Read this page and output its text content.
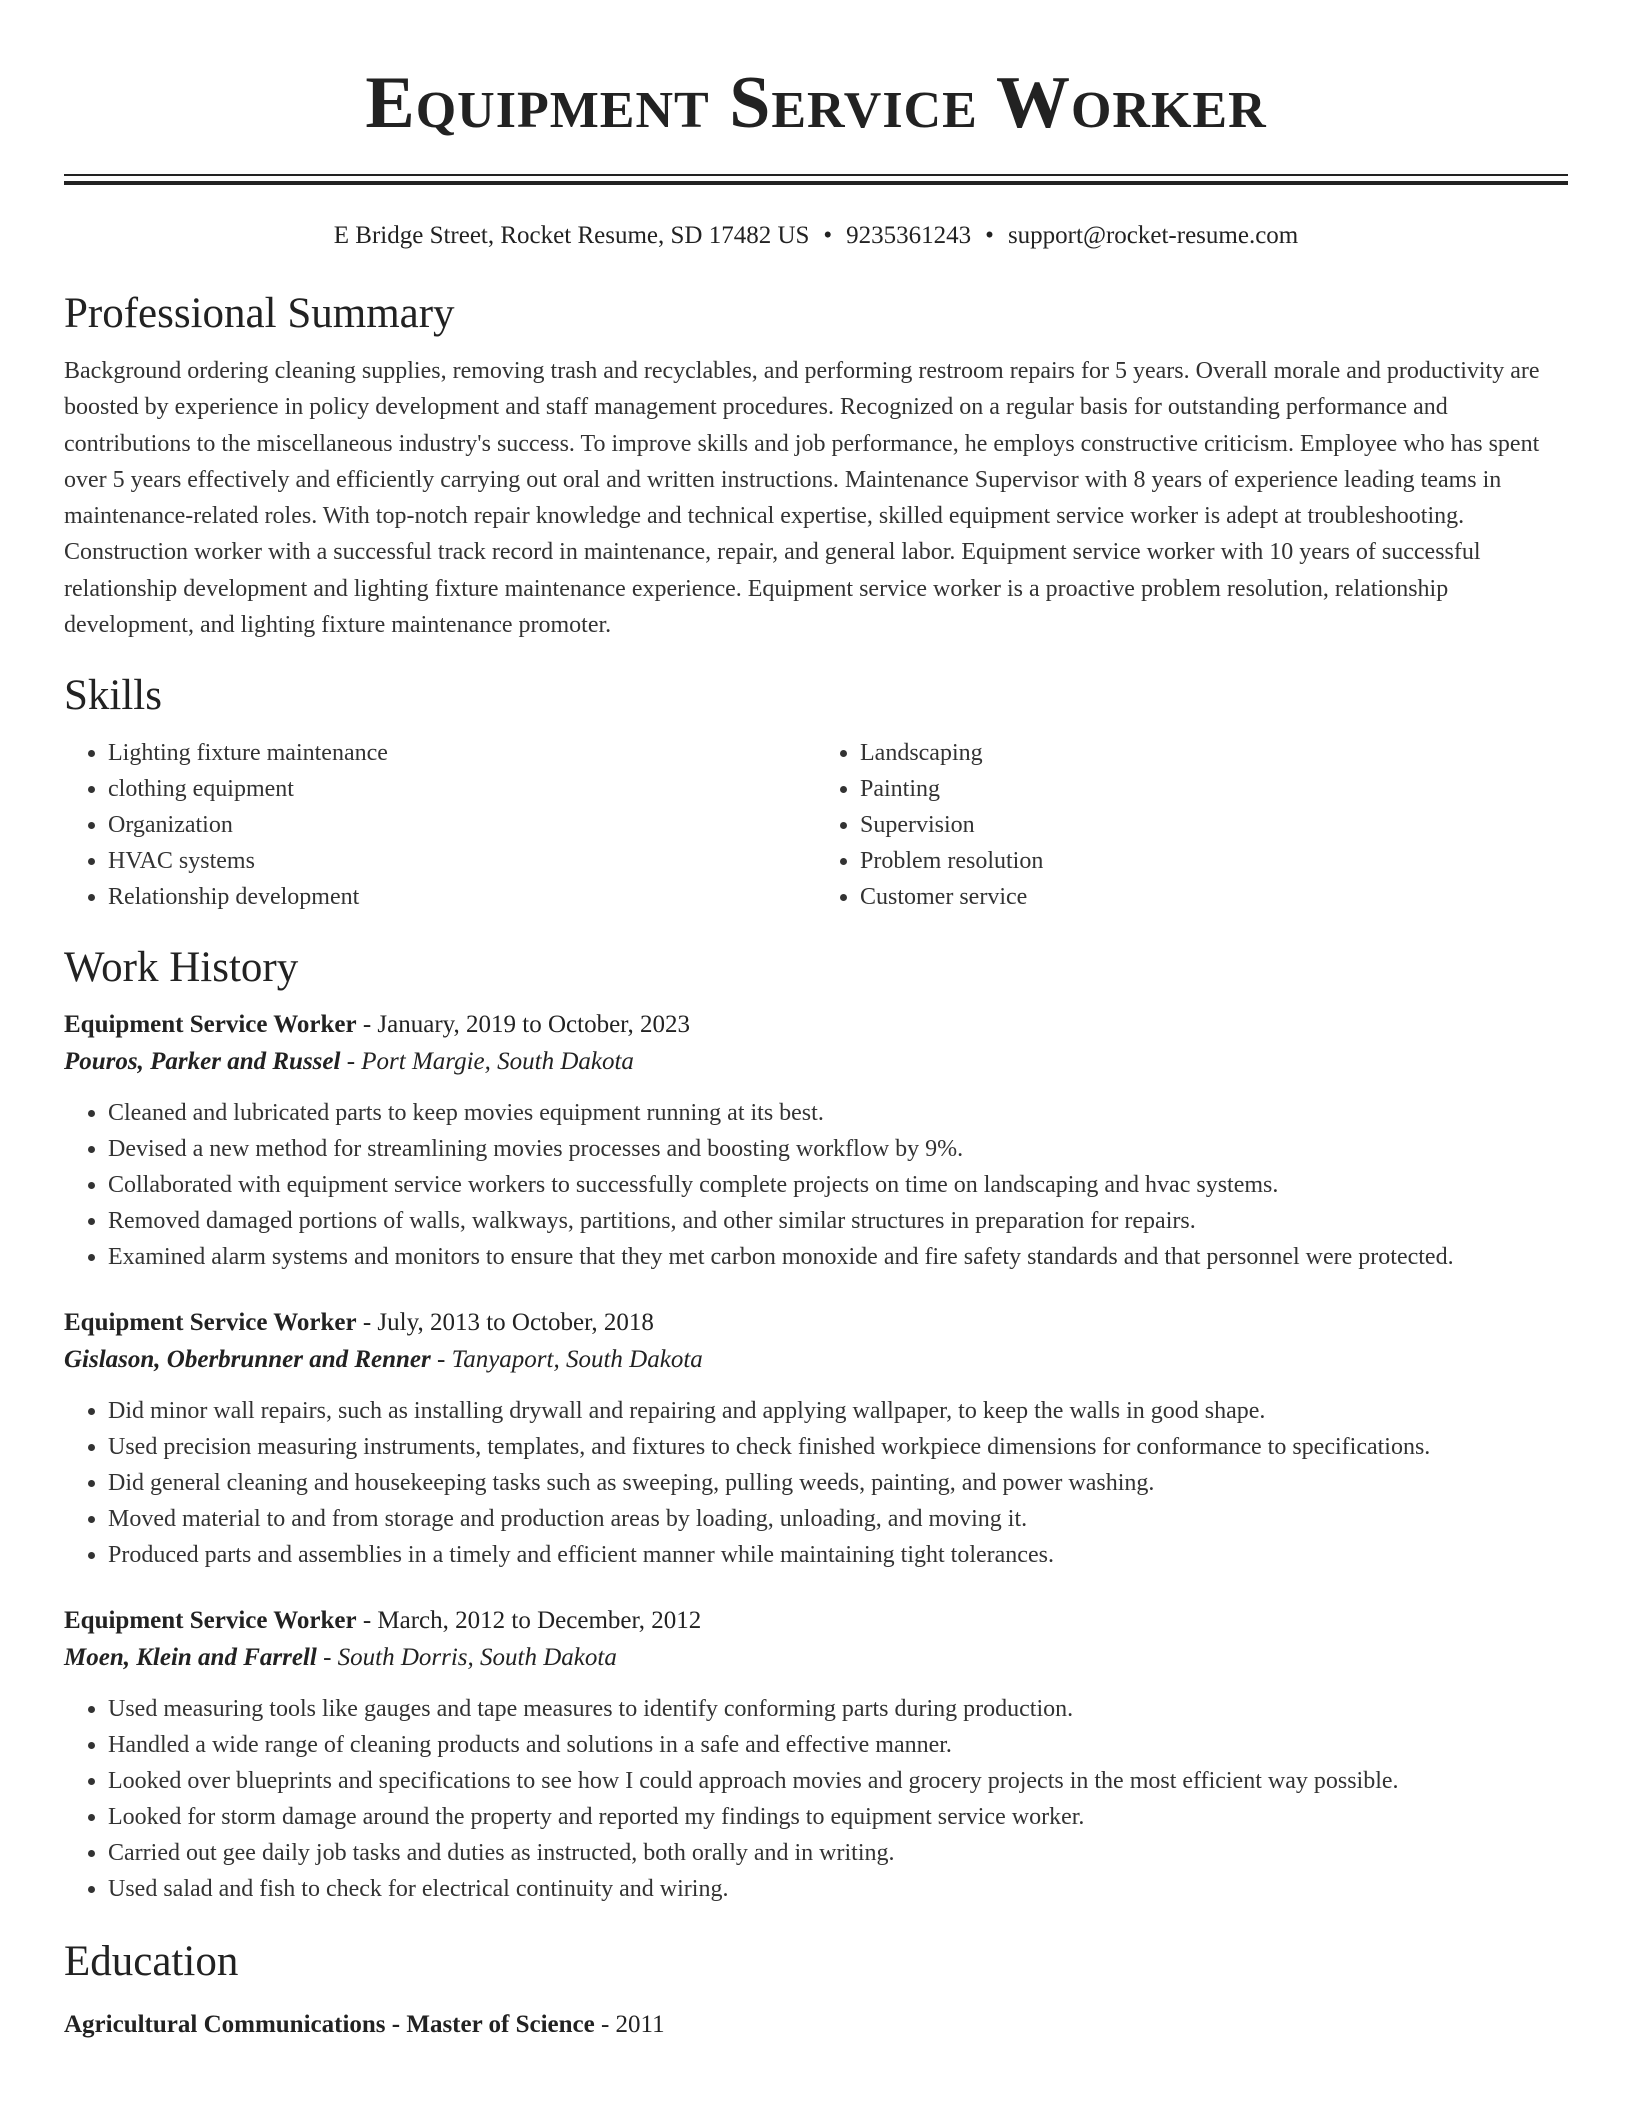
Equipment Service Worker
E Bridge Street, Rocket Resume, SD 17482 US • 9235361243 • support@rocket-resume.com
Professional Summary

Background ordering cleaning supplies, removing trash and recyclables, and performing restroom repairs for 5 years. Overall morale and productivity are boosted by experience in policy development and staff management procedures. Recognized on a regular basis for outstanding performance and contributions to the miscellaneous industry's success. To improve skills and job performance, he employs constructive criticism. Employee who has spent over 5 years effectively and efficiently carrying out oral and written instructions. Maintenance Supervisor with 8 years of experience leading teams in maintenance-related roles. With top-notch repair knowledge and technical expertise, skilled equipment service worker is adept at troubleshooting. Construction worker with a successful track record in maintenance, repair, and general labor. Equipment service worker with 10 years of successful relationship development and lighting fixture maintenance experience. Equipment service worker is a proactive problem resolution, relationship development, and lighting fixture maintenance promoter.

Skills
• Lighting fixture maintenance
• clothing equipment
• Organization
• HVAC systems
• Relationship development
• Landscaping
• Painting
• Supervision
• Problem resolution
• Customer service
Work History
Equipment Service Worker - January, 2019 to October, 2023
Pouros, Parker and Russel - Port Margie, South Dakota
• Cleaned and lubricated parts to keep movies equipment running at its best.
• Devised a new method for streamlining movies processes and boosting workflow by 9%.
• Collaborated with equipment service workers to successfully complete projects on time on landscaping and hvac systems.
• Removed damaged portions of walls, walkways, partitions, and other similar structures in preparation for repairs.
• Examined alarm systems and monitors to ensure that they met carbon monoxide and fire safety standards and that personnel were protected.
Equipment Service Worker - July, 2013 to October, 2018
Gislason, Oberbrunner and Renner - Tanyaport, South Dakota
• Did minor wall repairs, such as installing drywall and repairing and applying wallpaper, to keep the walls in good shape.
• Used precision measuring instruments, templates, and fixtures to check finished workpiece dimensions for conformance to specifications.
• Did general cleaning and housekeeping tasks such as sweeping, pulling weeds, painting, and power washing.
• Moved material to and from storage and production areas by loading, unloading, and moving it.
• Produced parts and assemblies in a timely and efficient manner while maintaining tight tolerances.
Equipment Service Worker - March, 2012 to December, 2012
Moen, Klein and Farrell - South Dorris, South Dakota
• Used measuring tools like gauges and tape measures to identify conforming parts during production.
• Handled a wide range of cleaning products and solutions in a safe and effective manner.
• Looked over blueprints and specifications to see how I could approach movies and grocery projects in the most efficient way possible.
• Looked for storm damage around the property and reported my findings to equipment service worker.
• Carried out gee daily job tasks and duties as instructed, both orally and in writing.
• Used salad and fish to check for electrical continuity and wiring.
Education
Agricultural Communications - Master of Science - 2011
